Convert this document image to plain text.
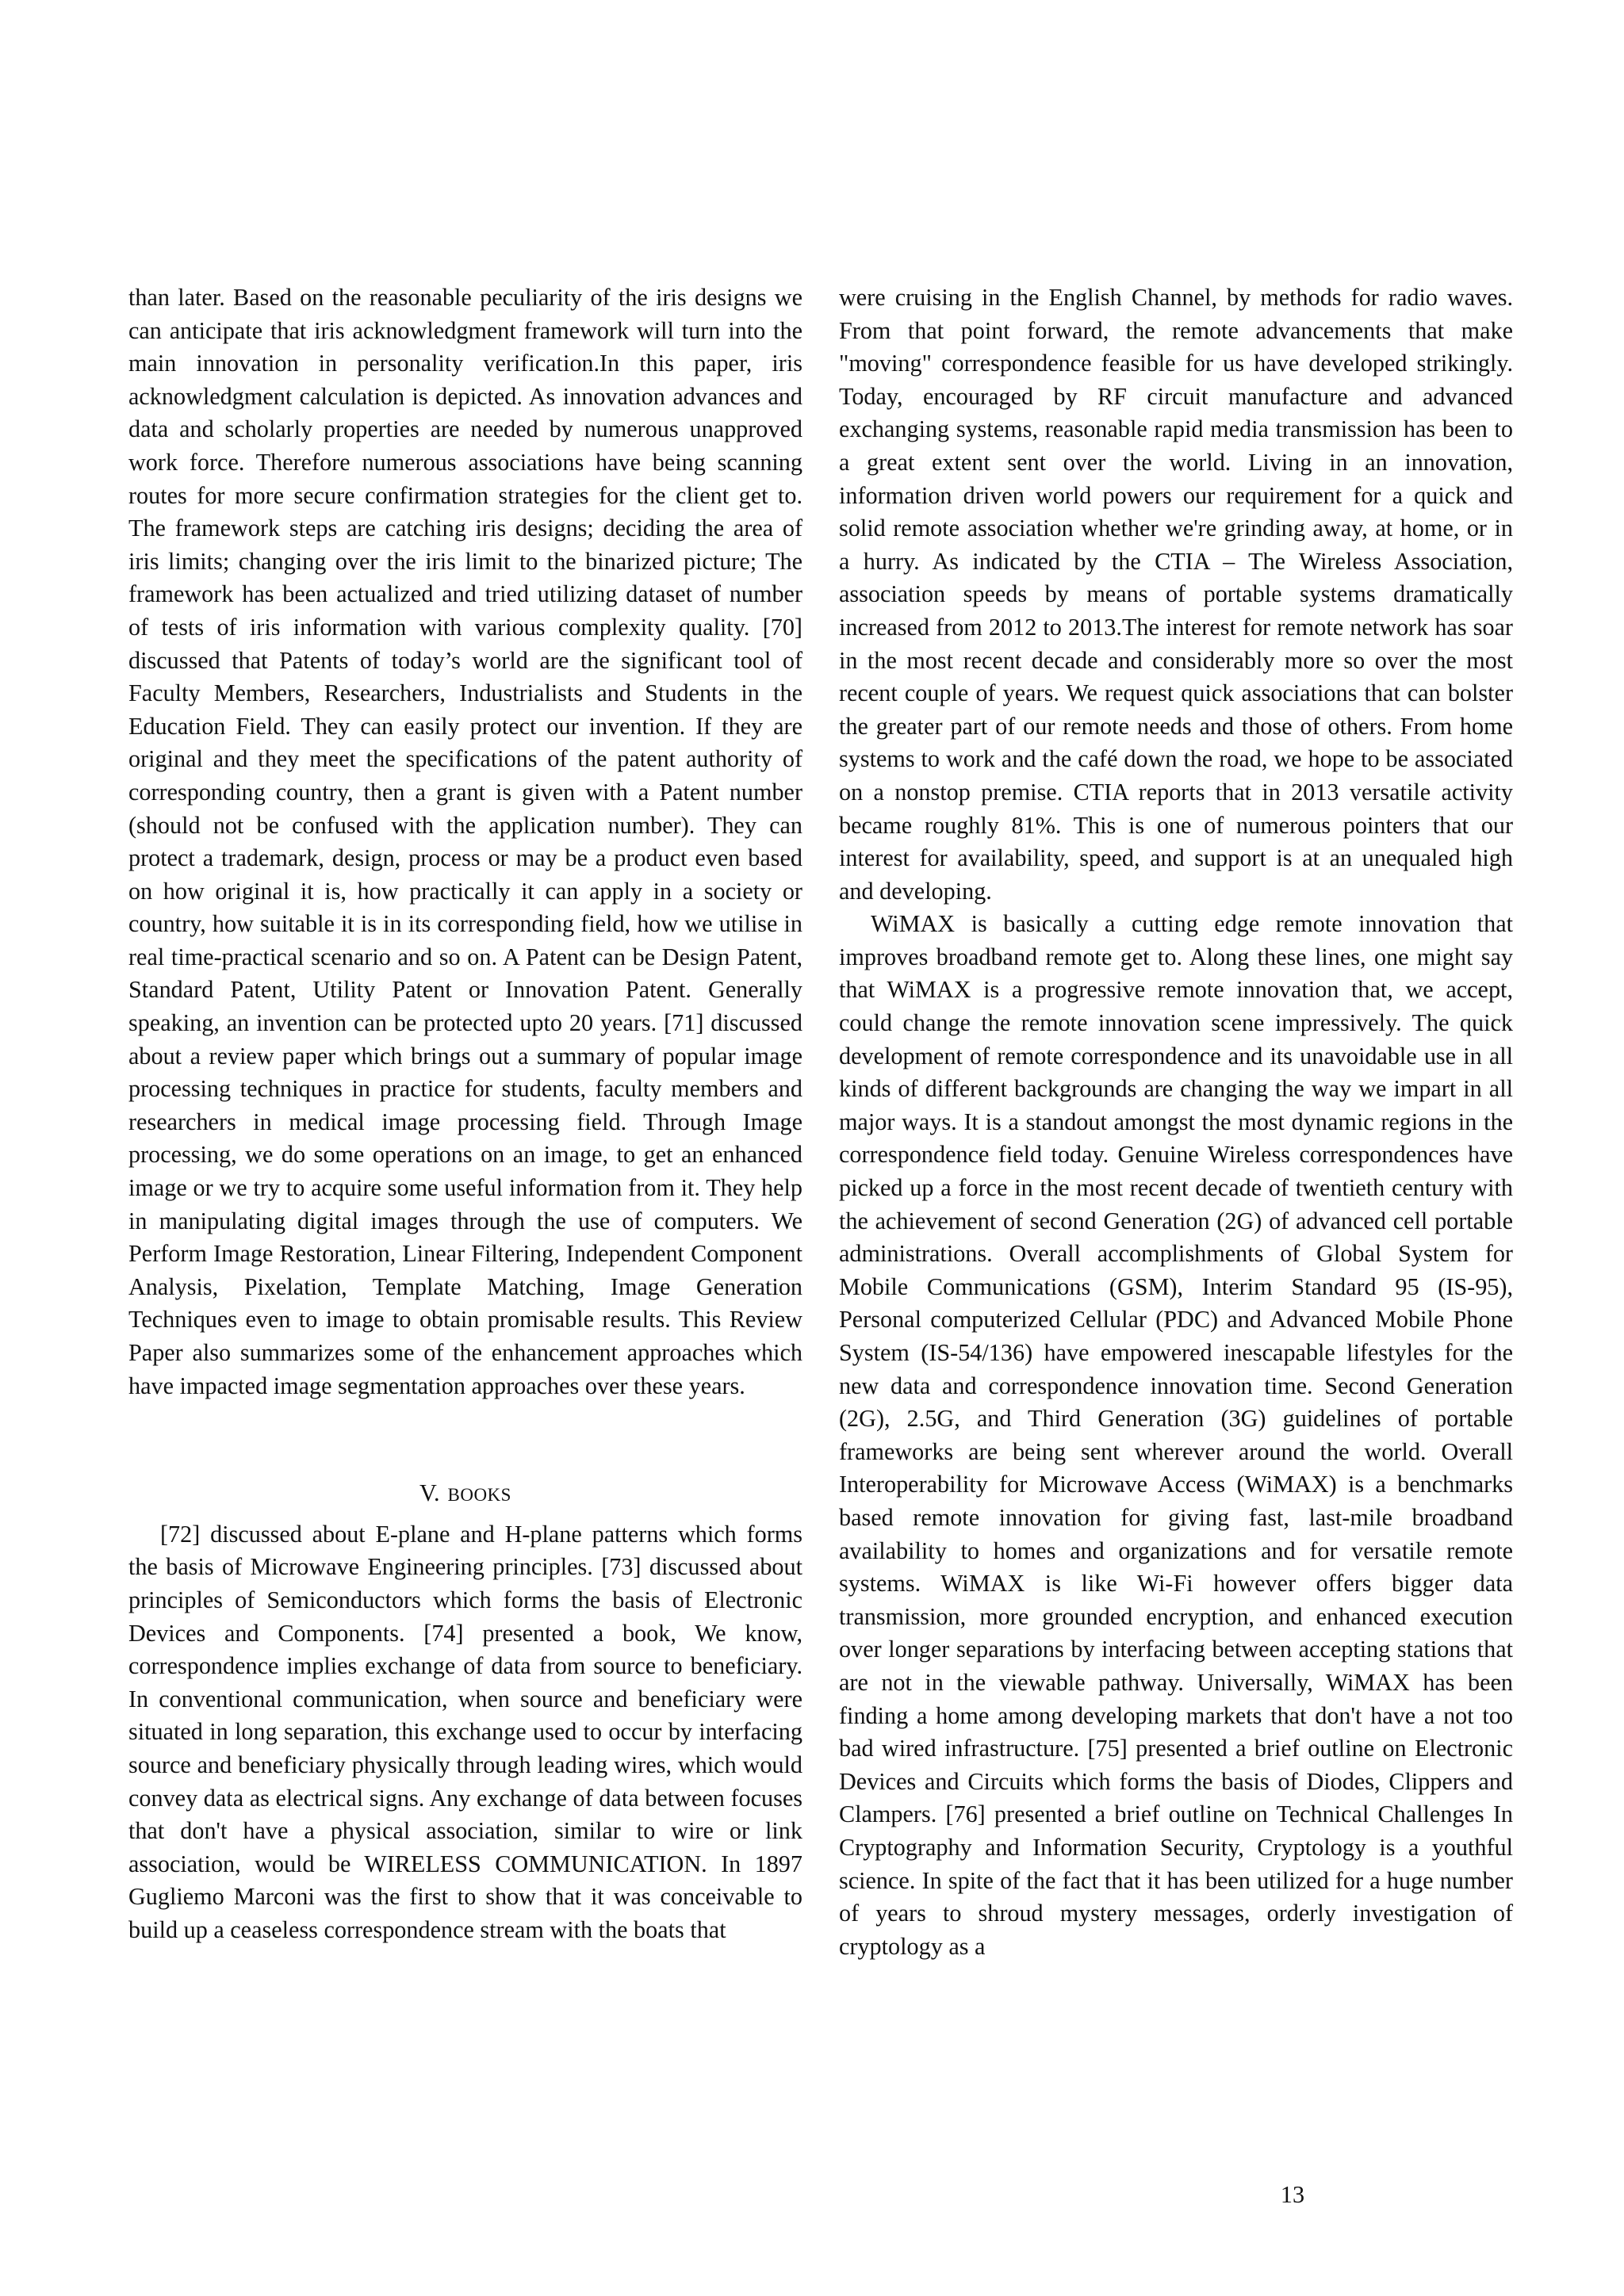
than later. Based on the reasonable peculiarity of the iris designs we can anticipate that iris acknowledgment framework will turn into the main innovation in personality verification.In this paper, iris acknowledgment calculation is depicted. As innovation advances and data and scholarly properties are needed by numerous unapproved work force. Therefore numerous associations have being scanning routes for more secure confirmation strategies for the client get to. The framework steps are catching iris designs; deciding the area of iris limits; changing over the iris limit to the binarized picture; The framework has been actualized and tried utilizing dataset of number of tests of iris information with various complexity quality. [70] discussed that Patents of today’s world are the significant tool of Faculty Members, Researchers, Industrialists and Students in the Education Field. They can easily protect our invention. If they are original and they meet the specifications of the patent authority of corresponding country, then a grant is given with a Patent number (should not be confused with the application number). They can protect a trademark, design, process or may be a product even based on how original it is, how practically it can apply in a society or country, how suitable it is in its corresponding field, how we utilise in real time-practical scenario and so on. A Patent can be Design Patent, Standard Patent, Utility Patent or Innovation Patent. Generally speaking, an invention can be protected upto 20 years. [71] discussed about a review paper which brings out a summary of popular image processing techniques in practice for students, faculty members and researchers in medical image processing field. Through Image processing, we do some operations on an image, to get an enhanced image or we try to acquire some useful information from it. They help in manipulating digital images through the use of computers. We Perform Image Restoration, Linear Filtering, Independent Component Analysis, Pixelation, Template Matching, Image Generation Techniques even to image to obtain promisable results. This Review Paper also summarizes some of the enhancement approaches which have impacted image segmentation approaches over these years.

V. BOOKS

[72] discussed about E-plane and H-plane patterns which forms the basis of Microwave Engineering principles. [73] discussed about principles of Semiconductors which forms the basis of Electronic Devices and Components. [74] presented a book, We know, correspondence implies exchange of data from source to beneficiary. In conventional communication, when source and beneficiary were situated in long separation, this exchange used to occur by interfacing source and beneficiary physically through leading wires, which would convey data as electrical signs. Any exchange of data between focuses that don't have a physical association, similar to wire or link association, would be WIRELESS COMMUNICATION. In 1897 Gugliemo Marconi was the first to show that it was conceivable to build up a ceaseless correspondence stream with the boats that

were cruising in the English Channel, by methods for radio waves. From that point forward, the remote advancements that make "moving" correspondence feasible for us have developed strikingly. Today, encouraged by RF circuit manufacture and advanced exchanging systems, reasonable rapid media transmission has been to a great extent sent over the world. Living in an innovation, information driven world powers our requirement for a quick and solid remote association whether we're grinding away, at home, or in a hurry. As indicated by the CTIA – The Wireless Association, association speeds by means of portable systems dramatically increased from 2012 to 2013.The interest for remote network has soar in the most recent decade and considerably more so over the most recent couple of years. We request quick associations that can bolster the greater part of our remote needs and those of others. From home systems to work and the café down the road, we hope to be associated on a nonstop premise. CTIA reports that in 2013 versatile activity became roughly 81%. This is one of numerous pointers that our interest for availability, speed, and support is at an unequaled high and developing.

WiMAX is basically a cutting edge remote innovation that improves broadband remote get to. Along these lines, one might say that WiMAX is a progressive remote innovation that, we accept, could change the remote innovation scene impressively. The quick development of remote correspondence and its unavoidable use in all kinds of different backgrounds are changing the way we impart in all major ways. It is a standout amongst the most dynamic regions in the correspondence field today. Genuine Wireless correspondences have picked up a force in the most recent decade of twentieth century with the achievement of second Generation (2G) of advanced cell portable administrations. Overall accomplishments of Global System for Mobile Communications (GSM), Interim Standard 95 (IS-95), Personal computerized Cellular (PDC) and Advanced Mobile Phone System (IS-54/136) have empowered inescapable lifestyles for the new data and correspondence innovation time. Second Generation (2G), 2.5G, and Third Generation (3G) guidelines of portable frameworks are being sent wherever around the world. Overall Interoperability for Microwave Access (WiMAX) is a benchmarks based remote innovation for giving fast, last-mile broadband availability to homes and organizations and for versatile remote systems. WiMAX is like Wi-Fi however offers bigger data transmission, more grounded encryption, and enhanced execution over longer separations by interfacing between accepting stations that are not in the viewable pathway. Universally, WiMAX has been finding a home among developing markets that don't have a not too bad wired infrastructure. [75] presented a brief outline on Electronic Devices and Circuits which forms the basis of Diodes, Clippers and Clampers. [76] presented a brief outline on Technical Challenges In Cryptography and Information Security, Cryptology is a youthful science. In spite of the fact that it has been utilized for a huge number of years to shroud mystery messages, orderly investigation of cryptology as a

13
